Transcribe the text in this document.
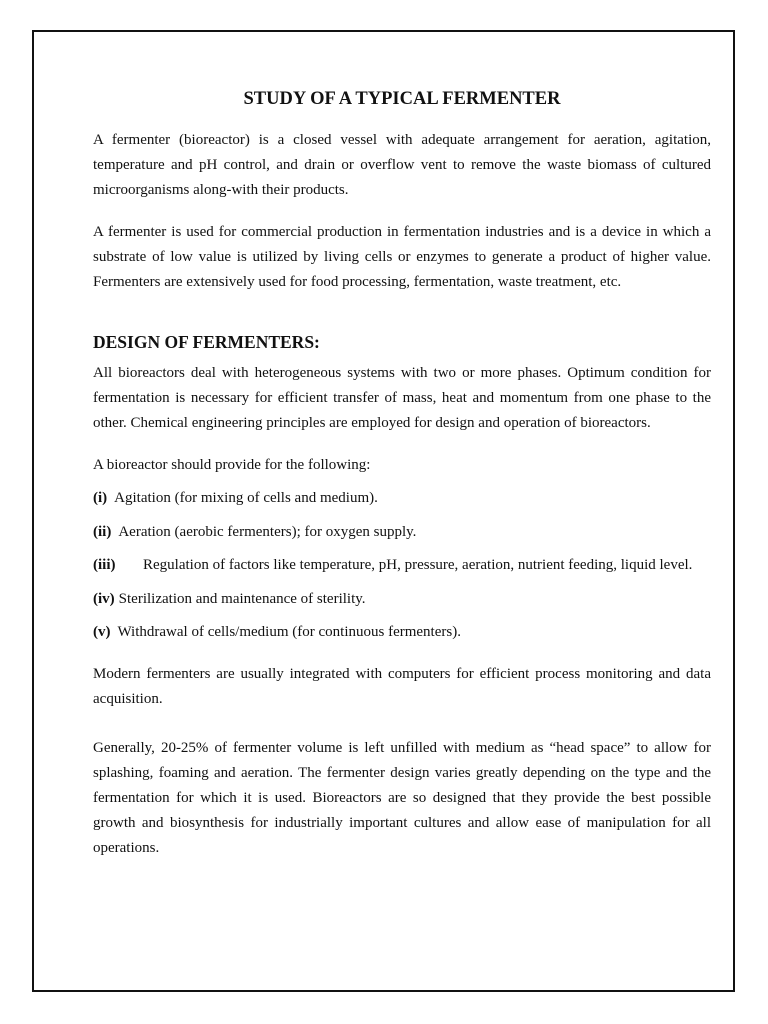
STUDY OF A TYPICAL FERMENTER

A fermenter (bioreactor) is a closed vessel with adequate arrangement for aeration, agitation, temperature and pH control, and drain or overflow vent to remove the waste biomass of cultured microorganisms along-with their products.

A fermenter is used for commercial production in fermentation industries and is a device in which a substrate of low value is utilized by living cells or enzymes to generate a product of higher value. Fermenters are extensively used for food processing, fermentation, waste treatment, etc.

DESIGN OF FERMENTERS:

All bioreactors deal with heterogeneous systems with two or more phases. Optimum condition for fermentation is necessary for efficient transfer of mass, heat and momentum from one phase to the other. Chemical engineering principles are employed for design and operation of bioreactors.

A bioreactor should provide for the following:

(i) Agitation (for mixing of cells and medium).
(ii) Aeration (aerobic fermenters); for oxygen supply.
(iii)	Regulation of factors like temperature, pH, pressure, aeration, nutrient feeding, liquid level.
(iv) Sterilization and maintenance of sterility.
(v) Withdrawal of cells/medium (for continuous fermenters).

Modern fermenters are usually integrated with computers for efficient process monitoring and data acquisition.

Generally, 20-25% of fermenter volume is left unfilled with medium as “head space” to allow for splashing, foaming and aeration. The fermenter design varies greatly depending on the type and the fermentation for which it is used. Bioreactors are so designed that they provide the best possible growth and biosynthesis for industrially important cultures and allow ease of manipulation for all operations.
